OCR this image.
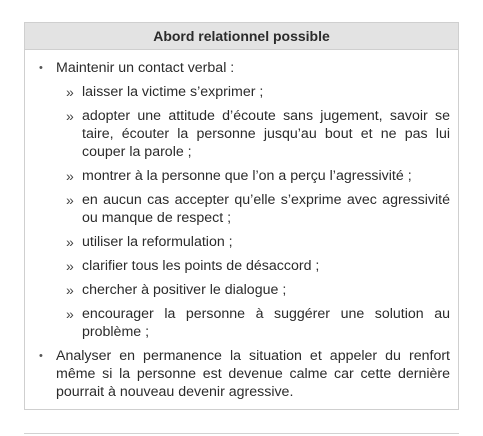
Abord relationnel possible
• Maintenir un contact verbal :
» laisser la victime s’exprimer ;
» adopter une attitude d’écoute sans jugement, savoir se taire, écouter la personne jusqu’au bout et ne pas lui couper la parole ;
» montrer à la personne que l’on a perçu l’agressivité ;
» en aucun cas accepter qu’elle s’exprime avec agressivité ou manque de respect ;
» utiliser la reformulation ;
» clarifier tous les points de désaccord ;
» chercher à positiver le dialogue ;
» encourager la personne à suggérer une solution au problème ;
• Analyser en permanence la situation et appeler du renfort même si la personne est devenue calme car cette dernière pourrait à nouveau devenir agressive.
